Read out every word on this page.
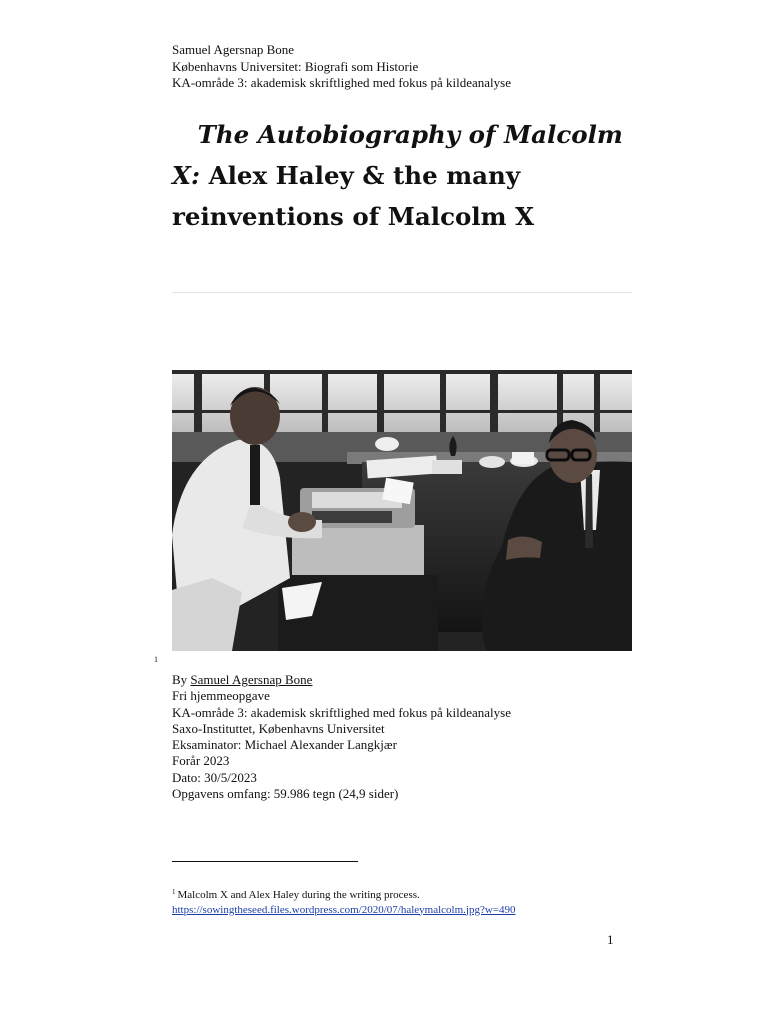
Samuel Agersnap Bone
Københavns Universitet: Biografi som Historie
KA-område 3: akademisk skriftlighed med fokus på kildeanalyse
The Autobiography of Malcolm X: Alex Haley & the many reinventions of Malcolm X
1
By Samuel Agersnap Bone
Fri hjemmeopgave
KA-område 3: akademisk skriftlighed med fokus på kildeanalyse
Saxo-Instituttet, Københavns Universitet
Eksaminator: Michael Alexander Langkjær
Forår 2023
Dato: 30/5/2023
Opgavens omfang: 59.986 tegn (24,9 sider)
$^1$ Malcolm X and Alex Haley during the writing process.
https://sowingtheseed.files.wordpress.com/2020/07/haleymalcolm.jpg?w=490
1
